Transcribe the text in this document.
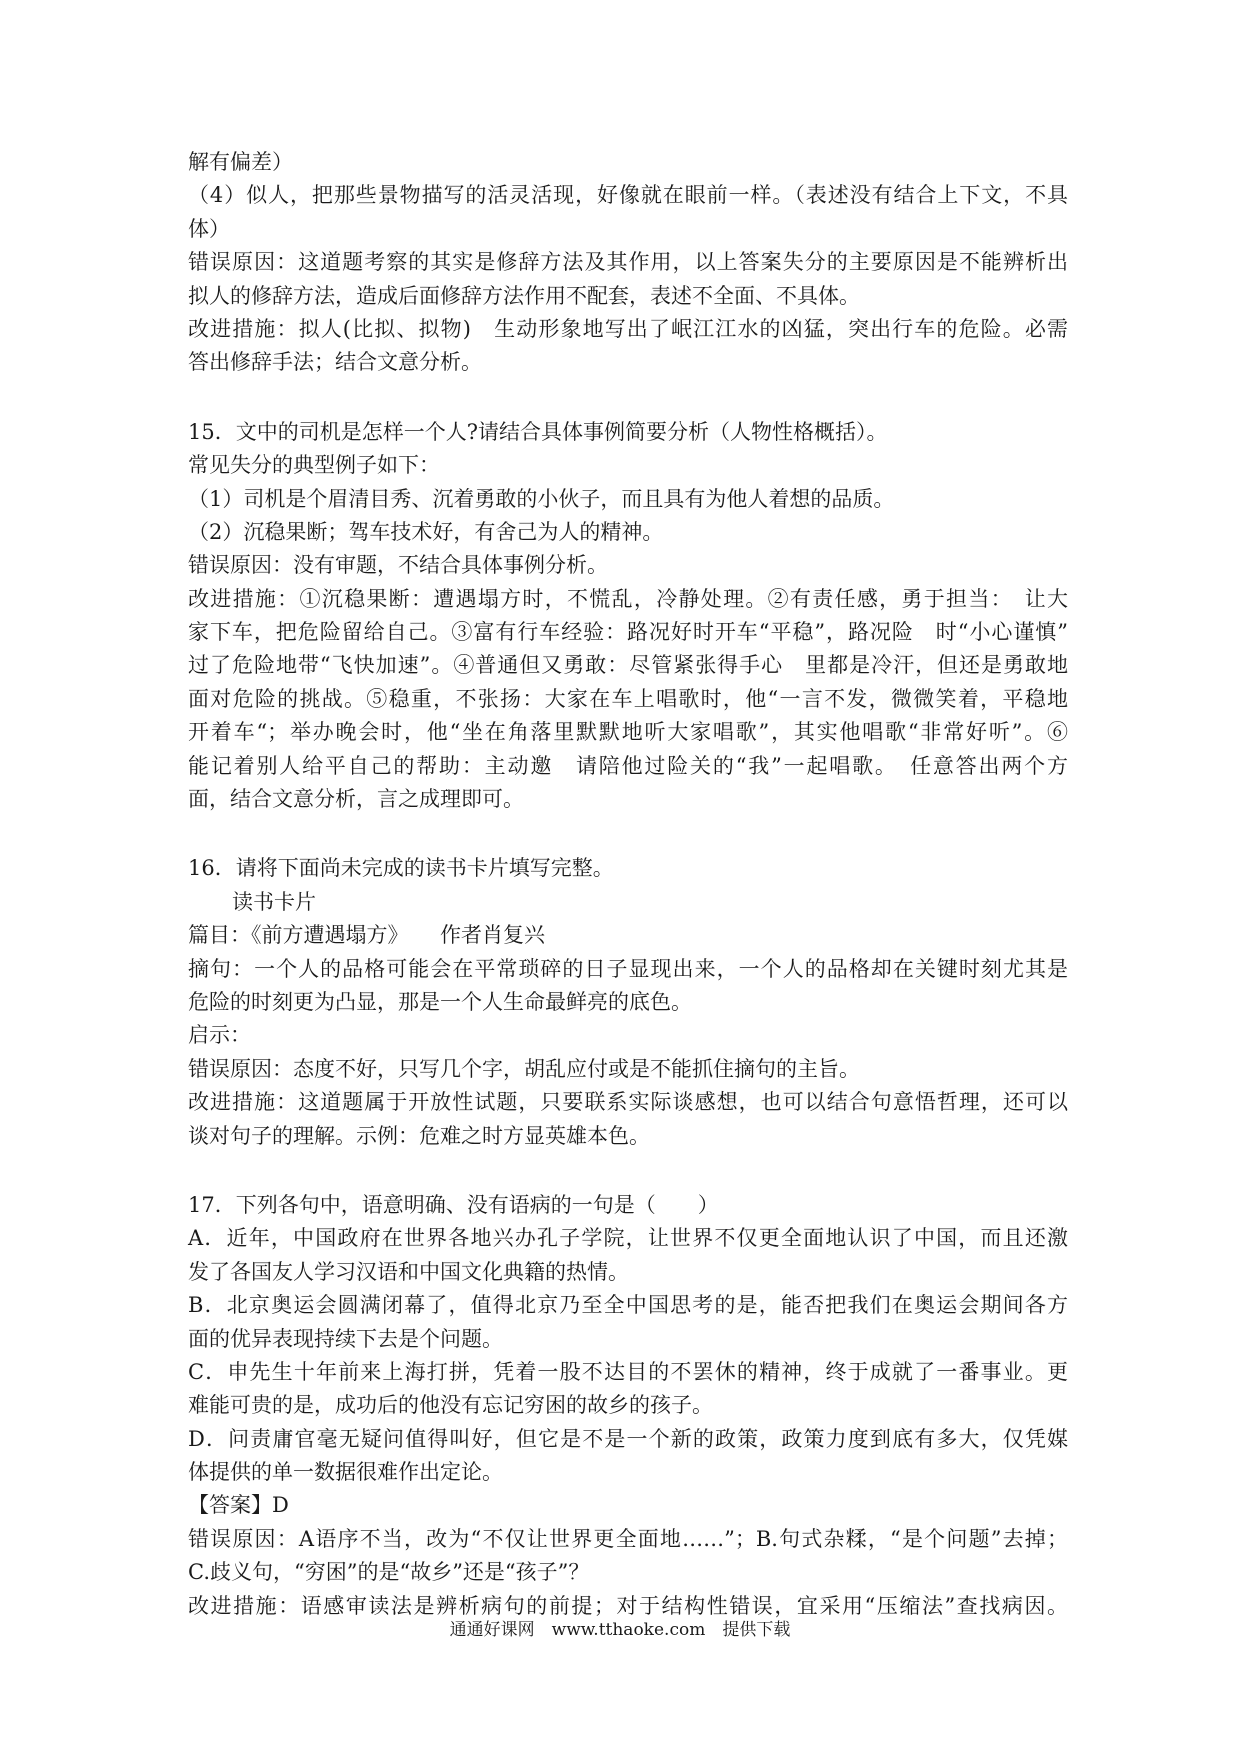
解有偏差）
（4）似人，把那些景物描写的活灵活现，好像就在眼前一样。（表述没有结合上下文，不具
体）
错误原因：这道题考察的其实是修辞方法及其作用，以上答案失分的主要原因是不能辨析出
拟人的修辞方法，造成后面修辞方法作用不配套，表述不全面、不具体。
改进措施：拟人(比拟、拟物)　生动形象地写出了岷江江水的凶猛，突出行车的危险。必需
答出修辞手法；结合文意分析。
15．文中的司机是怎样一个人?请结合具体事例简要分析（人物性格概括）。
常见失分的典型例子如下：
（1）司机是个眉清目秀、沉着勇敢的小伙子，而且具有为他人着想的品质。
（2）沉稳果断；驾车技术好，有舍己为人的精神。
错误原因：没有审题，不结合具体事例分析。
改进措施：①沉稳果断：遭遇塌方时，不慌乱，冷静处理。②有责任感，勇于担当：　让大
家下车，把危险留给自己。③富有行车经验：路况好时开车“平稳”，路况险　时“小心谨慎”
过了危险地带“飞快加速”。④普通但又勇敢：尽管紧张得手心　里都是冷汗，但还是勇敢地
面对危险的挑战。⑤稳重，不张扬：大家在车上唱歌时，他“一言不发，微微笑着，平稳地
开着车“；举办晚会时，他“坐在角落里默默地听大家唱歌”，其实他唱歌“非常好听”。⑥
能记着别人给平自己的帮助：主动邀　请陪他过险关的“我”一起唱歌。　任意答出两个方
面，结合文意分析，言之成理即可。
16．请将下面尚未完成的读书卡片填写完整。
读书卡片
篇目：《前方遭遇塌方》　　作者肖复兴
摘句：一个人的品格可能会在平常琐碎的日子显现出来，一个人的品格却在关键时刻尤其是
危险的时刻更为凸显，那是一个人生命最鲜亮的底色。
启示：
错误原因：态度不好，只写几个字，胡乱应付或是不能抓住摘句的主旨。
改进措施：这道题属于开放性试题，只要联系实际谈感想，也可以结合句意悟哲理，还可以
谈对句子的理解。示例：危难之时方显英雄本色。
17．下列各句中，语意明确、没有语病的一句是（　　）
A．近年，中国政府在世界各地兴办孔子学院，让世界不仅更全面地认识了中国，而且还激
发了各国友人学习汉语和中国文化典籍的热情。
B．北京奥运会圆满闭幕了，值得北京乃至全中国思考的是，能否把我们在奥运会期间各方
面的优异表现持续下去是个问题。
C．申先生十年前来上海打拼，凭着一股不达目的不罢休的精神，终于成就了一番事业。更
难能可贵的是，成功后的他没有忘记穷困的故乡的孩子。
D．问责庸官毫无疑问值得叫好，但它是不是一个新的政策，政策力度到底有多大，仅凭媒
体提供的单一数据很难作出定论。
【答案】D
错误原因：A语序不当，改为“不仅让世界更全面地……”；B.句式杂糅，“是个问题”去掉；
C.歧义句，“穷困”的是“故乡”还是“孩子”？
改进措施：语感审读法是辨析病句的前提；对于结构性错误，宜采用“压缩法”查找病因。
通通好课网　www.tthaoke.com　提供下载
